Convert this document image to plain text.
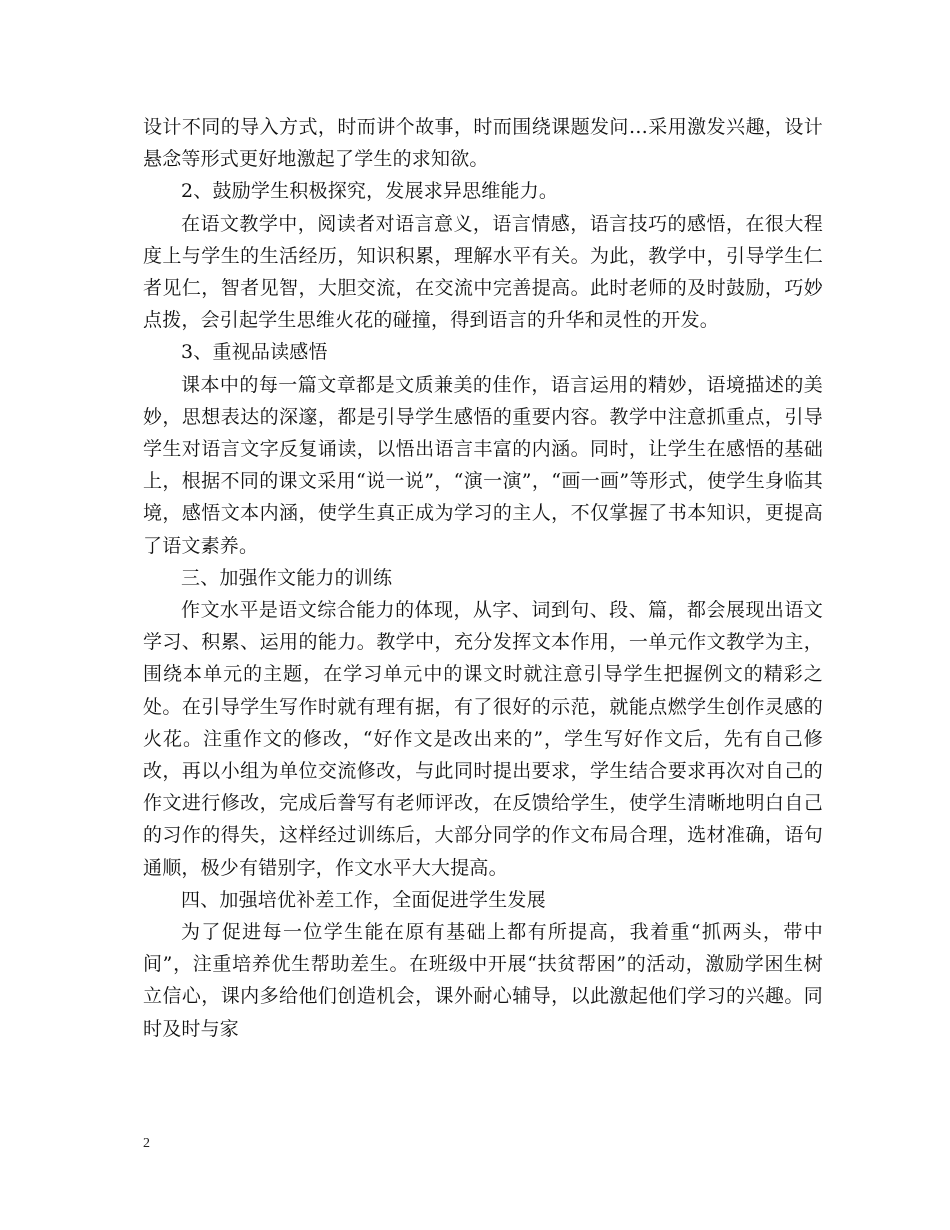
设计不同的导入方式，时而讲个故事，时而围绕课题发问…采用激发兴趣，设计悬念等形式更好地激起了学生的求知欲。

2、鼓励学生积极探究，发展求异思维能力。

在语文教学中，阅读者对语言意义，语言情感，语言技巧的感悟，在很大程度上与学生的生活经历，知识积累，理解水平有关。为此，教学中，引导学生仁者见仁，智者见智，大胆交流，在交流中完善提高。此时老师的及时鼓励，巧妙点拨，会引起学生思维火花的碰撞，得到语言的升华和灵性的开发。

3、重视品读感悟

课本中的每一篇文章都是文质兼美的佳作，语言运用的精妙，语境描述的美妙，思想表达的深邃，都是引导学生感悟的重要内容。教学中注意抓重点，引导学生对语言文字反复诵读，以悟出语言丰富的内涵。同时，让学生在感悟的基础上，根据不同的课文采用“说一说”，“演一演”，“画一画”等形式，使学生身临其境，感悟文本内涵，使学生真正成为学习的主人，不仅掌握了书本知识，更提高了语文素养。

三、加强作文能力的训练

作文水平是语文综合能力的体现，从字、词到句、段、篇，都会展现出语文学习、积累、运用的能力。教学中，充分发挥文本作用，一单元作文教学为主，围绕本单元的主题，在学习单元中的课文时就注意引导学生把握例文的精彩之处。在引导学生写作时就有理有据，有了很好的示范，就能点燃学生创作灵感的火花。注重作文的修改，“好作文是改出来的”，学生写好作文后，先有自己修改，再以小组为单位交流修改，与此同时提出要求，学生结合要求再次对自己的作文进行修改，完成后誊写有老师评改，在反馈给学生，使学生清晰地明白自己的习作的得失，这样经过训练后，大部分同学的作文布局合理，选材准确，语句通顺，极少有错别字，作文水平大大提高。

四、加强培优补差工作，全面促进学生发展

为了促进每一位学生能在原有基础上都有所提高，我着重“抓两头，带中间”，注重培养优生帮助差生。在班级中开展“扶贫帮困”的活动，激励学困生树立信心，课内多给他们创造机会，课外耐心辅导，以此激起他们学习的兴趣。同时及时与家

2
